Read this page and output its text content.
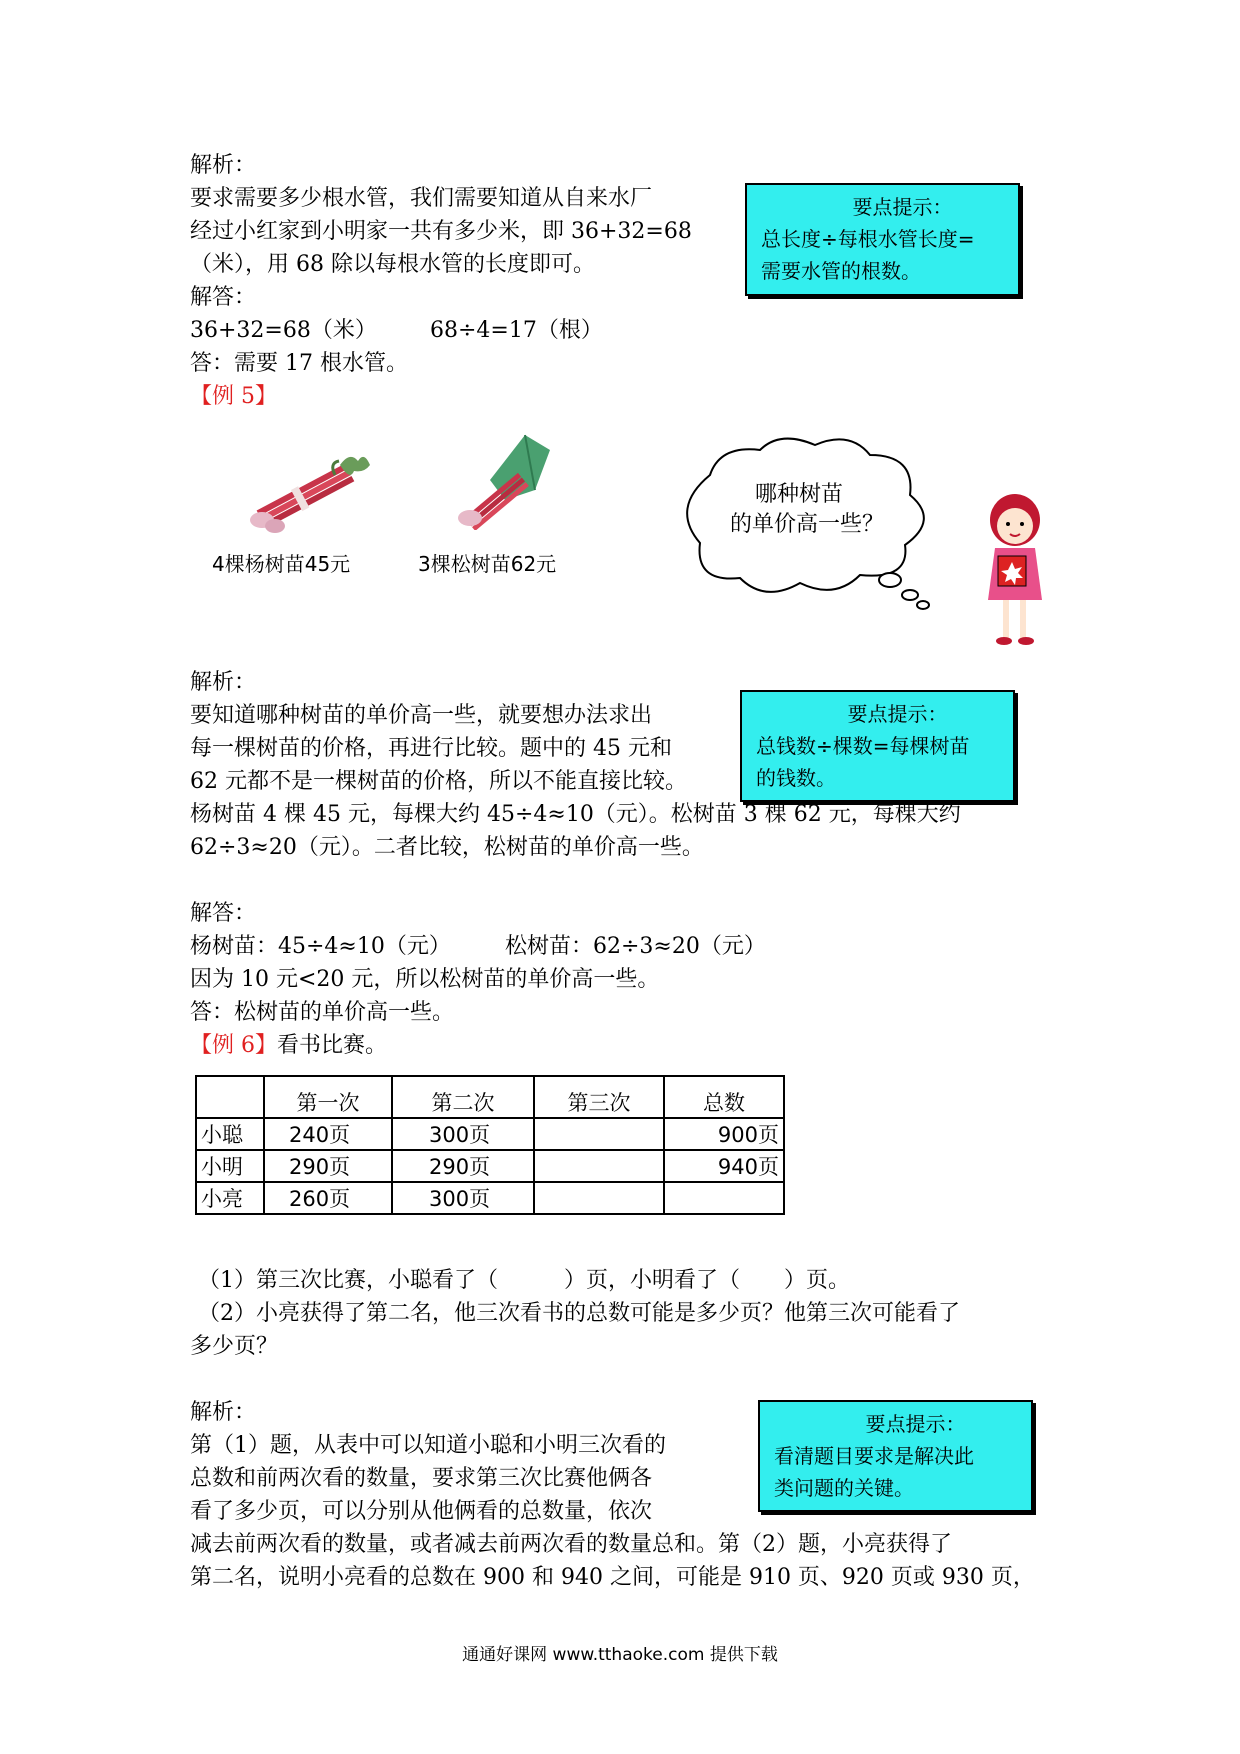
解析：
要求需要多少根水管，我们需要知道从自来水厂
经过小红家到小明家一共有多少米，即 36+32=68
（米），用 68 除以每根水管的长度即可。
解答：
36+32=68（米） 68÷4=17（根）
答：需要 17 根水管。
要点提示：
总长度÷每根水管长度=
需要水管的根数。
【例 5】
4棵杨树苗45元	3棵松树苗62元
哪种树苗
的单价高一些？
解析：
要知道哪种树苗的单价高一些，就要想办法求出
每一棵树苗的价格，再进行比较。题中的 45 元和
62 元都不是一棵树苗的价格，所以不能直接比较。
杨树苗 4 棵 45 元，每棵大约 45÷4≈10（元）。松树苗 3 棵 62 元，每棵大约
62÷3≈20（元）。二者比较，松树苗的单价高一些。
要点提示：
总钱数÷棵数=每棵树苗
的钱数。
解答：
杨树苗：45÷4≈10（元） 松树苗：62÷3≈20（元）
因为 10 元<20 元，所以松树苗的单价高一些。
答：松树苗的单价高一些。
【例 6】看书比赛。
	第一次	第二次	第三次	总数
小聪	240页	300页		900页
小明	290页	290页		940页
小亮	260页	300页		
（1）第三次比赛，小聪看了（　　　）页，小明看了（　　）页。
（2）小亮获得了第二名，他三次看书的总数可能是多少页？他第三次可能看了
多少页？
解析：
第（1）题，从表中可以知道小聪和小明三次看的
总数和前两次看的数量，要求第三次比赛他俩各
看了多少页，可以分别从他俩看的总数量，依次
减去前两次看的数量，或者减去前两次看的数量总和。第（2）题，小亮获得了
第二名，说明小亮看的总数在 900 和 940 之间，可能是 910 页、920 页或 930 页，
要点提示：
看清题目要求是解决此
类问题的关键。
通通好课网 www.tthaoke.com 提供下载
